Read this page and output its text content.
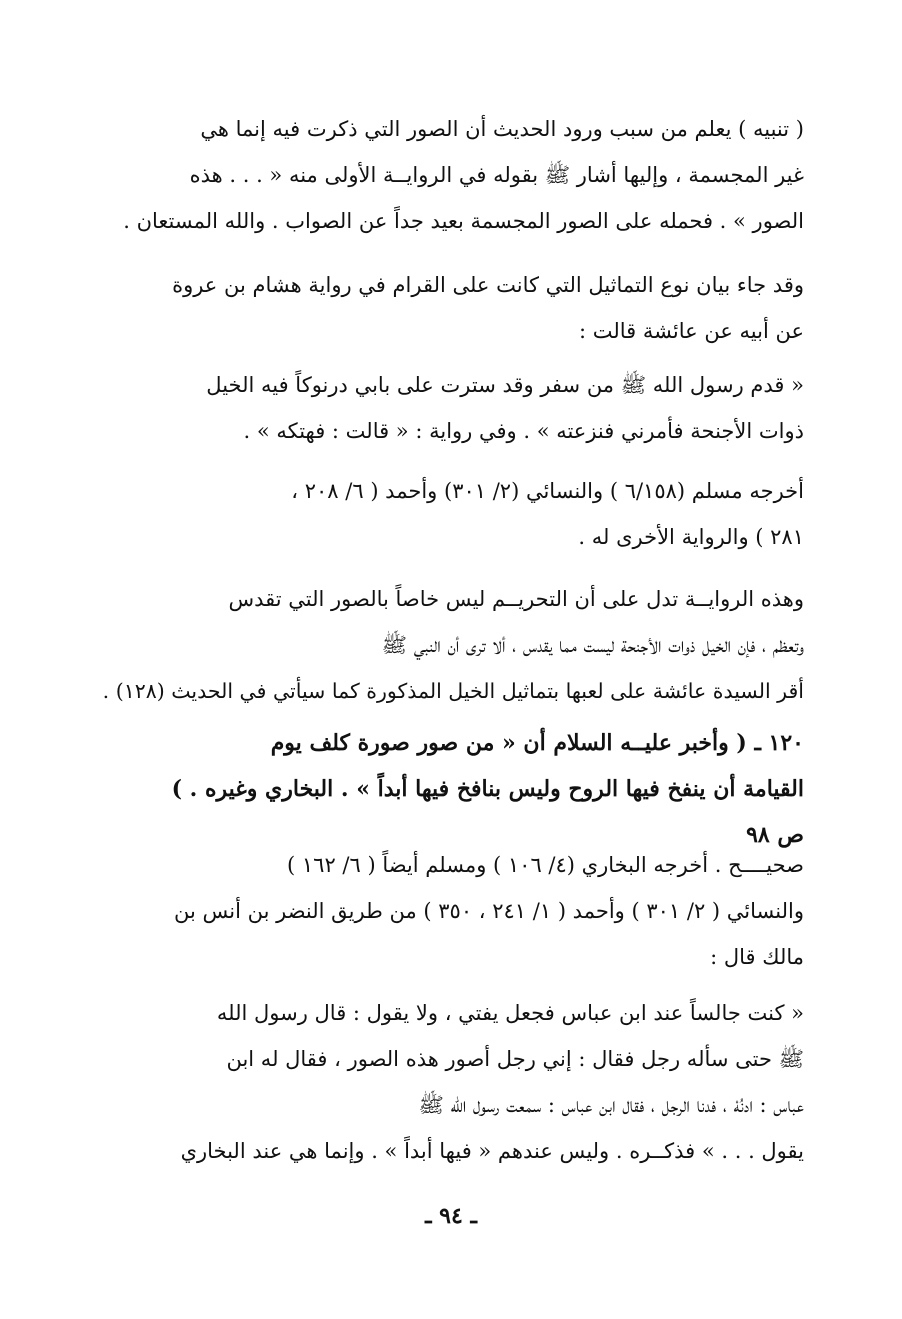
( تنبيه ) يعلم من سبب ورود الحديث أن الصور التي ذكرت فيه إنما هي
غير المجسمة ، وإليها أشار ﷺ بقوله في الروايــة الأولى منه « . . . هذه
الصور » . فحمله على الصور المجسمة بعيد جداً عن الصواب . والله المستعان .
وقد جاء بيان نوع التماثيل التي كانت على القرام في رواية هشام بن عروة
عن أبيه عن عائشة قالت :
« قدم رسول الله ﷺ من سفر وقد سترت على بابي درنوكاً فيه الخيل
ذوات الأجنحة فأمرني فنزعته » . وفي رواية : « قالت : فهتكه » .
أخرجه مسلم (٦/١٥٨ ) والنسائي (٢/ ٣٠١) وأحمد ( ٦/ ٢٠٨ ،
٢٨١ ) والرواية الأخرى له .
وهذه الروايــة تدل على أن التحريــم ليس خاصاً بالصور التي تقدس
وتعظم ، فإن الخيل ذوات الأجنحة ليست مما يقدس ، ألا ترى أن النبي ﷺ
أقر السيدة عائشة على لعبها بتماثيل الخيل المذكورة كما سيأتي في الحديث (١٢٨) .
١٢٠ ـ ( وأخبر عليــه السلام أن « من صور صورة كلف يوم
القيامة أن ينفخ فيها الروح وليس بنافخ فيها أبداً » . البخاري وغيره . )
ص ٩٨
صحيــــح . أخرجه البخاري (٤/ ١٠٦ ) ومسلم أيضاً ( ٦/ ١٦٢ )
والنسائي ( ٢/ ٣٠١ ) وأحمد ( ١/ ٢٤١ ، ٣٥٠ ) من طريق النضر بن أنس بن
مالك قال :
« كنت جالساً عند ابن عباس فجعل يفتي ، ولا يقول : قال رسول الله
ﷺ حتى سأله رجل فقال : إني رجل أصور هذه الصور ، فقال له ابن
عباس : ادنُهْ ، فدنا الرجل ، فقال ابن عباس : سمعت رسول الله ﷺ
يقول . . . » فذكــره . وليس عندهم « فيها أبداً » . وإنما هي عند البخاري
ـ ٩٤ ـ
